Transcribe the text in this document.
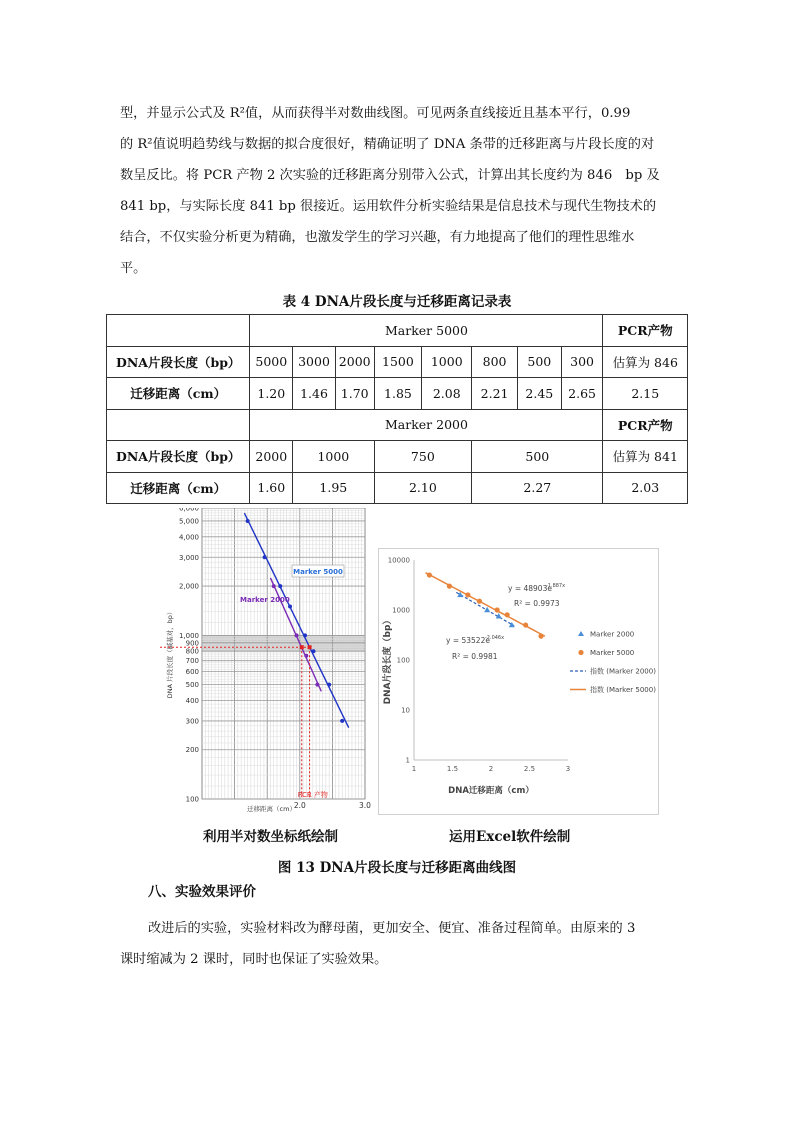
型，并显示公式及 R²值，从而获得半对数曲线图。可见两条直线接近且基本平行，0.99
的 R²值说明趋势线与数据的拟合度很好，精确证明了 DNA 条带的迁移距离与片段长度的对
数呈反比。将 PCR 产物 2 次实验的迁移距离分别带入公式，计算出其长度约为 846　bp 及
841 bp，与实际长度 841 bp 很接近。运用软件分析实验结果是信息技术与现代生物技术的
结合，不仅实验分析更为精确，也激发学生的学习兴趣，有力地提高了他们的理性思维水
平。
表 4 DNA片段长度与迁移距离记录表
	Marker 5000								PCR产物
DNA片段长度（bp）	5000	3000	2000	1500	1000	800	500	300	估算为 846
迁移距离（cm）	1.20	1.46	1.70	1.85	2.08	2.21	2.45	2.65	2.15
	Marker 2000								PCR产物
DNA片段长度（bp）	2000	1000		750		500			估算为 841
迁移距离（cm）	1.60	1.95		2.10		2.27			2.03
6,000
5,000
4,000
3,000
2,000
1,000
900
800
700
600
500
400
300
200
100
2.0	3.0
迁移距离（cm）
DNA 片段长度（碱基对，bp）
PCR 产物
Marker 5000
Marker 2000
10000
1000
100
10
1
1	1.5	2	2.5	3
DNA迁移距离（cm）
DNA片段长度（bp）
y = 48903e
-1.887x
R² = 0.9973
y = 53522e
-2.046x
R² = 0.9981
Marker 2000
Marker 5000
指数 (Marker 2000)
指数 (Marker 5000)
利用半对数坐标纸绘制	运用Excel软件绘制
图 13 DNA片段长度与迁移距离曲线图
八、实验效果评价
改进后的实验，实验材料改为酵母菌，更加安全、便宜、准备过程简单。由原来的 3
课时缩减为 2 课时，同时也保证了实验效果。
